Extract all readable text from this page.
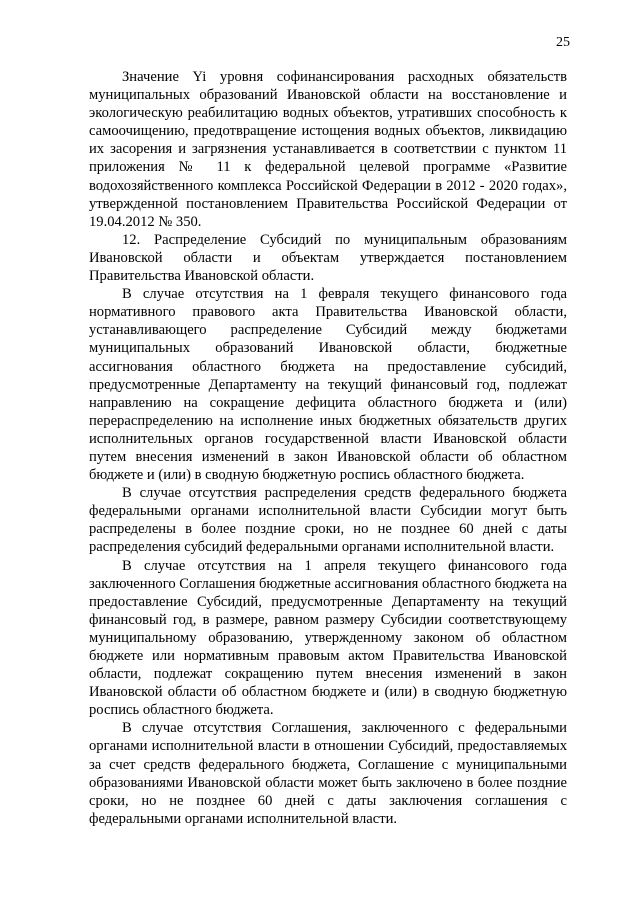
25

Значение Yi уровня софинансирования расходных обязательств муниципальных образований Ивановской области на восстановление и экологическую реабилитацию водных объектов, утративших способность к самоочищению, предотвращение истощения водных объектов, ликвидацию их засорения и загрязнения устанавливается в соответствии с пунктом 11 приложения № 11 к федеральной целевой программе «Развитие водохозяйственного комплекса Российской Федерации в 2012 - 2020 годах», утвержденной постановлением Правительства Российской Федерации от 19.04.2012 № 350.

12. Распределение Субсидий по муниципальным образованиям Ивановской области и объектам утверждается постановлением Правительства Ивановской области.

В случае отсутствия на 1 февраля текущего финансового года нормативного правового акта Правительства Ивановской области, устанавливающего распределение Субсидий между бюджетами муниципальных образований Ивановской области, бюджетные ассигнования областного бюджета на предоставление субсидий, предусмотренные Департаменту на текущий финансовый год, подлежат направлению на сокращение дефицита областного бюджета и (или) перераспределению на исполнение иных бюджетных обязательств других исполнительных органов государственной власти Ивановской области путем внесения изменений в закон Ивановской области об областном бюджете и (или) в сводную бюджетную роспись областного бюджета.

В случае отсутствия распределения средств федерального бюджета федеральными органами исполнительной власти Субсидии могут быть распределены в более поздние сроки, но не позднее 60 дней с даты распределения субсидий федеральными органами исполнительной власти.

В случае отсутствия на 1 апреля текущего финансового года заключенного Соглашения бюджетные ассигнования областного бюджета на предоставление Субсидий, предусмотренные Департаменту на текущий финансовый год, в размере, равном размеру Субсидии соответствующему муниципальному образованию, утвержденному законом об областном бюджете или нормативным правовым актом Правительства Ивановской области, подлежат сокращению путем внесения изменений в закон Ивановской области об областном бюджете и (или) в сводную бюджетную роспись областного бюджета.

В случае отсутствия Соглашения, заключенного с федеральными органами исполнительной власти в отношении Субсидий, предоставляемых за счет средств федерального бюджета, Соглашение с муниципальными образованиями Ивановской области может быть заключено в более поздние сроки, но не позднее 60 дней с даты заключения соглашения с федеральными органами исполнительной власти.
